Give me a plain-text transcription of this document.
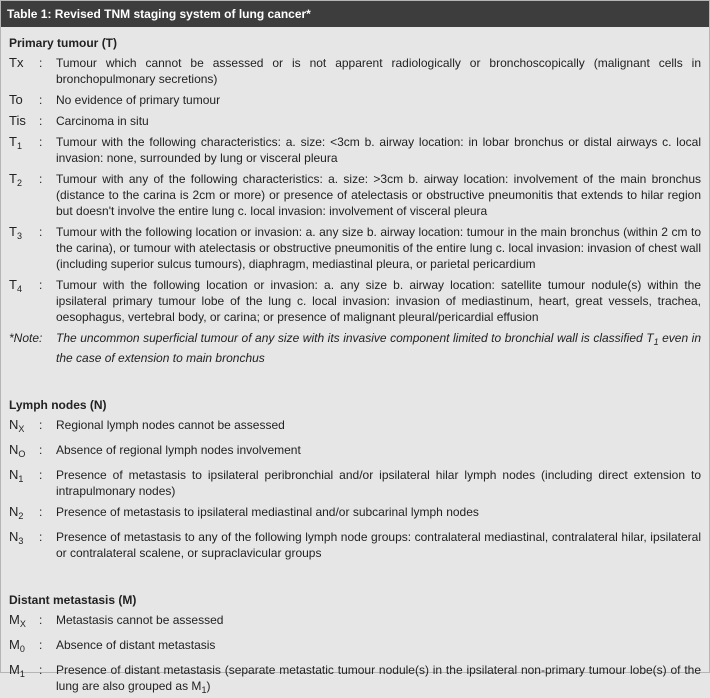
Table 1: Revised TNM staging system of lung cancer*
Primary tumour (T)
Tx	:	Tumour which cannot be assessed or is not apparent radiologically or bronchoscopically (malignant cells in bronchopulmonary secretions)
To	:	No evidence of primary tumour
Tis	:	Carcinoma in situ
$T_1$	:	Tumour with the following characteristics: a. size: <3cm b. airway location: in lobar bronchus or distal airways c. local invasion: none, surrounded by lung or visceral pleura
$T_2$	:	Tumour with any of the following characteristics: a. size: >3cm b. airway location: involvement of the main bronchus (distance to the carina is 2cm or more) or presence of atelectasis or obstructive pneumonitis that extends to hilar region but doesn't involve the entire lung c. local invasion: involvement of visceral pleura
$T_3$	:	Tumour with the following location or invasion: a. any size b. airway location: tumour in the main bronchus (within 2 cm to the carina), or tumour with atelectasis or obstructive pneumonitis of the entire lung c. local invasion: invasion of chest wall (including superior sulcus tumours), diaphragm, mediastinal pleura, or parietal pericardium
$T_4$	:	Tumour with the following location or invasion: a. any size b. airway location: satellite tumour nodule(s) within the ipsilateral primary tumour lobe of the lung c. local invasion: invasion of mediastinum, heart, great vessels, trachea, oesophagus, vertebral body, or carina; or presence of malignant pleural/pericardial effusion
*Note:	The uncommon superficial tumour of any size with its invasive component limited to bronchial wall is classified $T_1$ even in the case of extension to main bronchus
Lymph nodes (N)
$N_X$	:	Regional lymph nodes cannot be assessed
$N_O$	:	Absence of regional lymph nodes involvement
$N_1$	:	Presence of metastasis to ipsilateral peribronchial and/or ipsilateral hilar lymph nodes (including direct extension to intrapulmonary nodes)
$N_2$	:	Presence of metastasis to ipsilateral mediastinal and/or subcarinal lymph nodes
$N_3$	:	Presence of metastasis to any of the following lymph node groups: contralateral mediastinal, contralateral hilar, ipsilateral or contralateral scalene, or supraclavicular groups
Distant metastasis (M)
$M_X$	:	Metastasis cannot be assessed
$M_0$	:	Absence of distant metastasis
$M_1$	:	Presence of distant metastasis (separate metastatic tumour nodule(s) in the ipsilateral non-primary tumour lobe(s) of the lung are also grouped as $M_1$)
